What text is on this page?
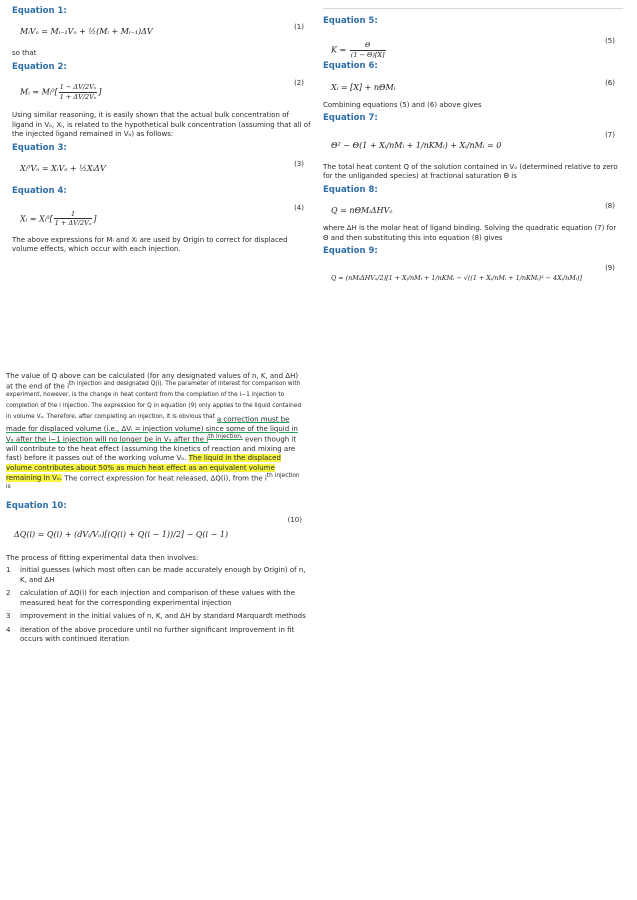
Equation 1:
MᵢVₒ = Mᵢ₋₁Vₒ + ½(Mᵢ + Mᵢ₋₁)ΔV	(1)

so that

Equation 2:
Mᵢ = Mᵢ⁰[ $\frac{\text{1 − ΔV/2Vₒ}}{\text{1 + ΔV/2Vₒ}}$ ]
(2)

Using similar reasoning, it is easily shown that the actual bulk concentration of ligand in Vₒ, Xᵢ, is related to the hypothetical bulk concentration (assuming that all of the injected ligand remained in Vₒ) as follows:

Equation 3:
Xᵢ⁰Vₒ = XᵢVₒ + ½XᵢΔV	(3)
Equation 4:
Xᵢ = Xᵢ⁰[ $\frac{1}{\text{1 + ΔV/2Vₒ}}$ ]
(4)

The above expressions for Mᵢ and Xᵢ are used by Origin to correct for displaced volume effects, which occur with each injection.

Equation 5:
$K = \frac{\Theta}{(1 - \Theta)[X]}$	(5)
Equation 6:
Xᵢ = [X] + nΘMᵢ	(6)

Combining equations (5) and (6) above gives

Equation 7:
Θ² − Θ(1 + Xᵢ/nMᵢ + 1/nKMᵢ) + Xᵢ/nMᵢ = 0
(7)

The total heat content Q of the solution contained in Vₒ (determined relative to zero for the unliganded species) at fractional saturation Θ is

Equation 8:
Q = nΘMᵢΔHVₒ	(8)

where ΔH is the molar heat of ligand binding. Solving the quadratic equation (7) for Θ and then substituting this into equation (8) gives

Equation 9:
Q = (nMᵢΔHVₒ/2)[1 + Xᵢ/nMᵢ + 1/nKMᵢ − √((1 + Xᵢ/nMᵢ + 1/nKMᵢ)² − 4Xᵢ/nMᵢ)]
(9)

The value of Q above can be calculated (for any designated values of n, K, and ΔH) at the end of the $i^{th injection and designated Q(i). The parameter of interest for comparison with experiment, however, is the change in heat content from the completion of the i-1 injection to completion of the i injection. The expression for Q in equation (9) only applies to the liquid contained in volume V_o. Therefore, after completing an injection, it is obvious that}$ a correction must be made for displaced volume (i.e., ΔVᵢ = injection volume) since some of the liquid in Vₒ after the i−1 injection will no longer be in Vₒ after the $i^{th injection,}$ even though it will contribute to the heat effect (assuming the kinetics of reaction and mixing are fast) before it passes out of the working volume Vₒ. The liquid in the displaced volume contributes about 50% as much heat effect as an equivalent volume remaining in Vₒ. The correct expression for heat released, ΔQ(i), from the $i^{th injection is}$

Equation 10:
ΔQ(i) = Q(i) + (dVᵢ/Vₒ)[(Q(i) + Q(i − 1))/2] − Q(i − 1)
(10)

The process of fitting experimental data then involves:

1 initial guesses (which most often can be made accurately enough by Origin) of n, K, and ΔH
2 calculation of ΔQ(i) for each injection and comparison of these values with the measured heat for the corresponding experimental injection
3 improvement in the initial values of n, K, and ΔH by standard Marquardt methods
4 iteration of the above procedure until no further significant improvement in fit occurs with continued iteration
